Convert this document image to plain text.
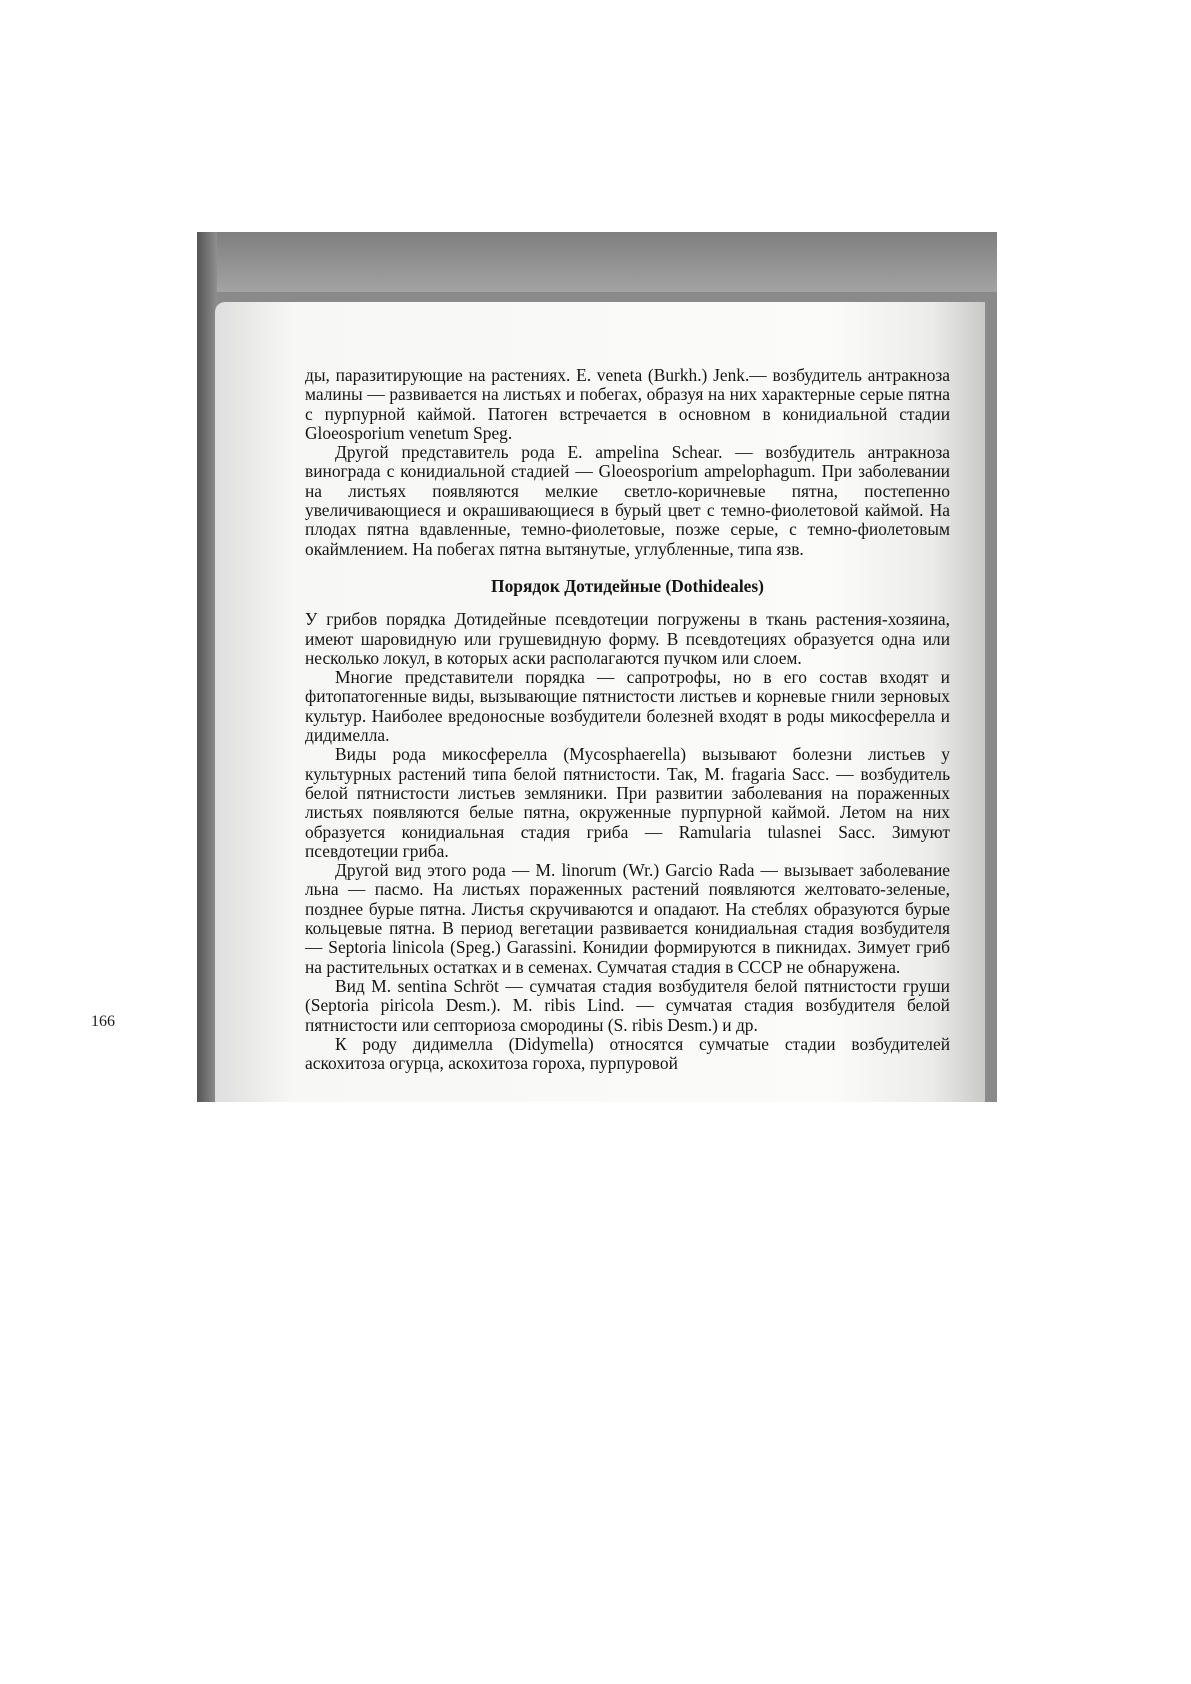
ды, паразитирующие на растениях. E. veneta (Burkh.) Jenk.— возбудитель антракноза малины — развивается на листьях и побегах, образуя на них характерные серые пятна с пурпурной каймой. Патоген встречается в основном в конидиальной стадии Gloeosporium venetum Speg.

Другой представитель рода E. ampelina Schear. — возбудитель антракноза винограда с конидиальной стадией — Gloeosporium ampelophagum. При заболевании на листьях появляются мелкие светло-коричневые пятна, постепенно увеличивающиеся и окрашивающиеся в бурый цвет с темно-фиолетовой каймой. На плодах пятна вдавленные, темно-фиолетовые, позже серые, с темно-фиолетовым окаймлением. На побегах пятна вытянутые, углубленные, типа язв.

Порядок Дотидейные (Dothideales)

У грибов порядка Дотидейные псевдотеции погружены в ткань растения-хозяина, имеют шаровидную или грушевидную форму. В псевдотециях образуется одна или несколько локул, в которых аски располагаются пучком или слоем.

Многие представители порядка — сапротрофы, но в его состав входят и фитопатогенные виды, вызывающие пятнистости листьев и корневые гнили зерновых культур. Наиболее вредоносные возбудители болезней входят в роды микосферелла и дидимелла.

Виды рода микосферелла (Mycosphaerella) вызывают болезни листьев у культурных растений типа белой пятнистости. Так, M. fragaria Sacc. — возбудитель белой пятнистости листьев земляники. При развитии заболевания на пораженных листьях появляются белые пятна, окруженные пурпурной каймой. Летом на них образуется конидиальная стадия гриба — Ramularia tulasnei Sacc. Зимуют псевдотеции гриба.

Другой вид этого рода — M. linorum (Wr.) Garcio Rada — вызывает заболевание льна — пасмо. На листьях пораженных растений появляются желтовато-зеленые, позднее бурые пятна. Листья скручиваются и опадают. На стеблях образуются бурые кольцевые пятна. В период вегетации развивается конидиальная стадия возбудителя — Septoria linicola (Speg.) Garassini. Конидии формируются в пикнидах. Зимует гриб на растительных остатках и в семенах. Сумчатая стадия в СССР не обнаружена.

Вид M. sentina Schröt — сумчатая стадия возбудителя белой пятнистости груши (Septoria piricola Desm.). M. ribis Lind. — сумчатая стадия возбудителя белой пятнистости или септориоза смородины (S. ribis Desm.) и др.

К роду дидимелла (Didymella) относятся сумчатые стадии возбудителей аскохитоза огурца, аскохитоза гороха, пурпуровой

166
